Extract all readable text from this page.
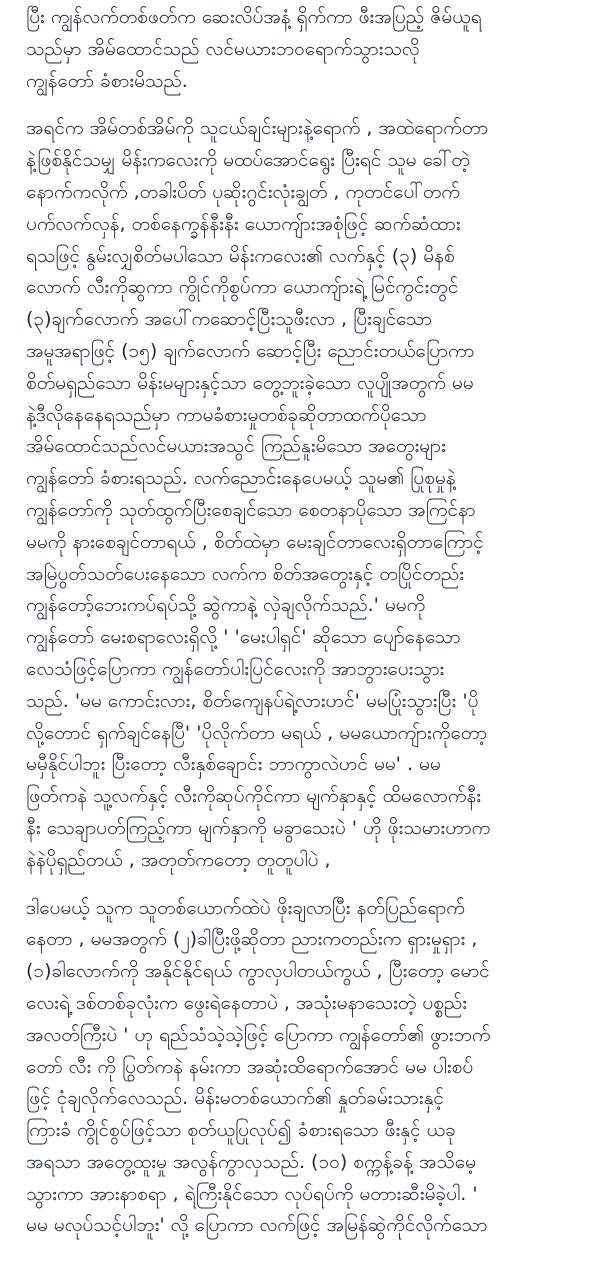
ပြီး ကျွန်လက်တစ်ဖတ်က ဆေးလိပ်အနံ့ ရှိက်ကာ ဖီးအပြည့် ဇိမ်ယူရ
သည်မှာ အိမ်ထောင်သည် လင်မယားဘဝရောက်သွားသလို
ကျွန်တော် ခံစားမိသည်.
အရင်က အိမ်တစ်အိမ်ကို သူငယ်ချင်းများနဲ့ရောက် , အထဲရောက်တာ
နဲ့ဖြစ်နိုင်သမျှ မိန်းကလေးကို မထပ်အောင်ရွေး ပြီးရင် သူမ ခေါ်တဲ့
နောက်ကလိုက် ,တခါးပိတ် ပုဆိုးဂွင်းလုံးချွတ် , ကုတင်ပေါ်တက်
ပက်လက်လှန်, တစ်နေက္ခန်နီးနီး ယောကျ်ားအစုံဖြင့် ဆက်ဆံထား
ရသဖြင့် နွမ်းလျှစိတ်မပါသော မိန်းကလေး၏ လက်နှင့် (၃) မိနစ်
လောက် လီးကိုဆွကာ ကွိုင်ကိုစွပ်ကာ ယောကျ်ားရဲ့ မြင်ကွင်းတွင်
(၃)ချက်လောက် အပေါ်ကဆောင့်ပြီးသူဖီးလာ , ပြီးချင်သော
အမူအရာဖြင့် (၁၅) ချက်လောက် ဆောင့်ပြီး ညောင်းတယ်ပြောကာ
စိတ်မရှည်သော မိန်းမများနှင့်သာ တွေ့ဘူးခဲ့သော လူပျိုအတွက် မမ
နဲ့ဒီလိုနေနေရသည်မှာ ကာမခံစားမှုတစ်ခုဆိုတာထက်ပိုသော
အိမ်ထောင်သည်လင်မယားအသွင် ကြည်နူးမိသော အတွေးများ
ကျွန်တော် ခံစားရသည်. လက်ညောင်းနေပေမယ့် သူမ၏ ပြုစုမှုနဲ့
ကျွန်တော်ကို သုတ်ထွက်ပြီးစေချင်သော စေတနာပိုသော အကြင်နာ
မမကို နားစေချင်တာရယ် , စိတ်ထဲမှာ မေးချင်တာလေးရှိတာကြောင့်
အမြဲပွတ်သတ်ပေးနေသော လက်က စိတ်အတွေးနှင့် တပြိုင်တည်း
ကျွန်တော့်ဘေးကပ်ရပ်သို့ ဆွဲကာနဲ့ လှဲချလိုက်သည်.' မမကို
ကျွန်တော် မေးစရာလေးရှိလို့ ' 'မေးပါရှင်' ဆိုသော ပျော်နေသော
လေသံဖြင့်ပြောကာ ကျွန်တော်ပါးပြင်လေးကို အာဘွားပေးသွား
သည်. 'မမ ကောင်းလား, စိတ်ကျေနပ်ရဲ့လားဟင်' မမပြုံးသွားပြီး 'ပို
လို့တောင် ရှက်ချင်နေပြီ' 'ပိုလိုက်တာ မရယ် , မမယောကျ်ားကိုတော့
မမှီနိုင်ပါဘူး ပြီးတော့ လီးနှစ်ချောင်း ဘာကွာလဲဟင် မမ' . မမ
ဖြတ်ကနဲ သူ့လက်နှင့် လီးကိုဆုပ်ကိုင်ကာ မျက်နှာနှင့် ထိမလောက်နီး
နီး သေချာပတ်ကြည့်ကာ မျက်နှာကို မခွာသေးပဲ ' ဟို ဖိုးသမားဟာက
နဲနဲပိုရှည်တယ် , အတုတ်ကတော့ တူတူပါပဲ ,
ဒါပေမယ့် သူက သူတစ်ယောက်ထဲပဲ ဖိုးချလာပြီး နတ်ပြည်ရောက်
နေတာ , မမအတွက် (၂)ခါပြီးဖို့ဆိုတာ ညားကတည်းက ရှားမှုရှား ,
(၁)ခါလောက်ကို အနိုင်နိုင်ရယ် ကွာလှပါတယ်ကွယ် , ပြီးတော့ မောင်
လေးရဲ့ ဒစ်တစ်ခုလုံးက ဖွေးရဲနေတာပဲ , အသုံးမနာသေးတဲ့ ပစ္စည်း
အလတ်ကြီးပဲ ' ဟု ရည်သံသဲ့သဲ့ဖြင့် ပြောကာ ကျွန်တော်၏ ဖွားဘက်
တော် လီး ကို ပြွတ်ကနဲ နမ်းကာ အဆုံးထိရောက်အောင် မမ ပါးစပ်
ဖြင့် ငုံချလိုက်လေသည်. မိန်းမတစ်ယောက်၏ နှုတ်ခမ်းသားနှင့်
ကြားခံ ကွိုင်စွပ်ဖြင့်သာ စုတ်ယူပြုလုပ်၍ ခံစားရသော ဖီးနှင့် ယခု
အရသာ အတွေ့ထူးမှု အလွန်ကွာလှသည်. (၁၀) စက္ကန့်ခန့် အသိမေ့
သွားကာ အားနာစရာ , ရဲကြီးနိုင်သော လုပ်ရပ်ကို မတားဆီးမိခဲ့ပါ. '
မမ မလုပ်သင့်ပါဘူး' လို့ ပြောကာ လက်ဖြင့် အမြန်ဆွဲကိုင်လိုက်သော
